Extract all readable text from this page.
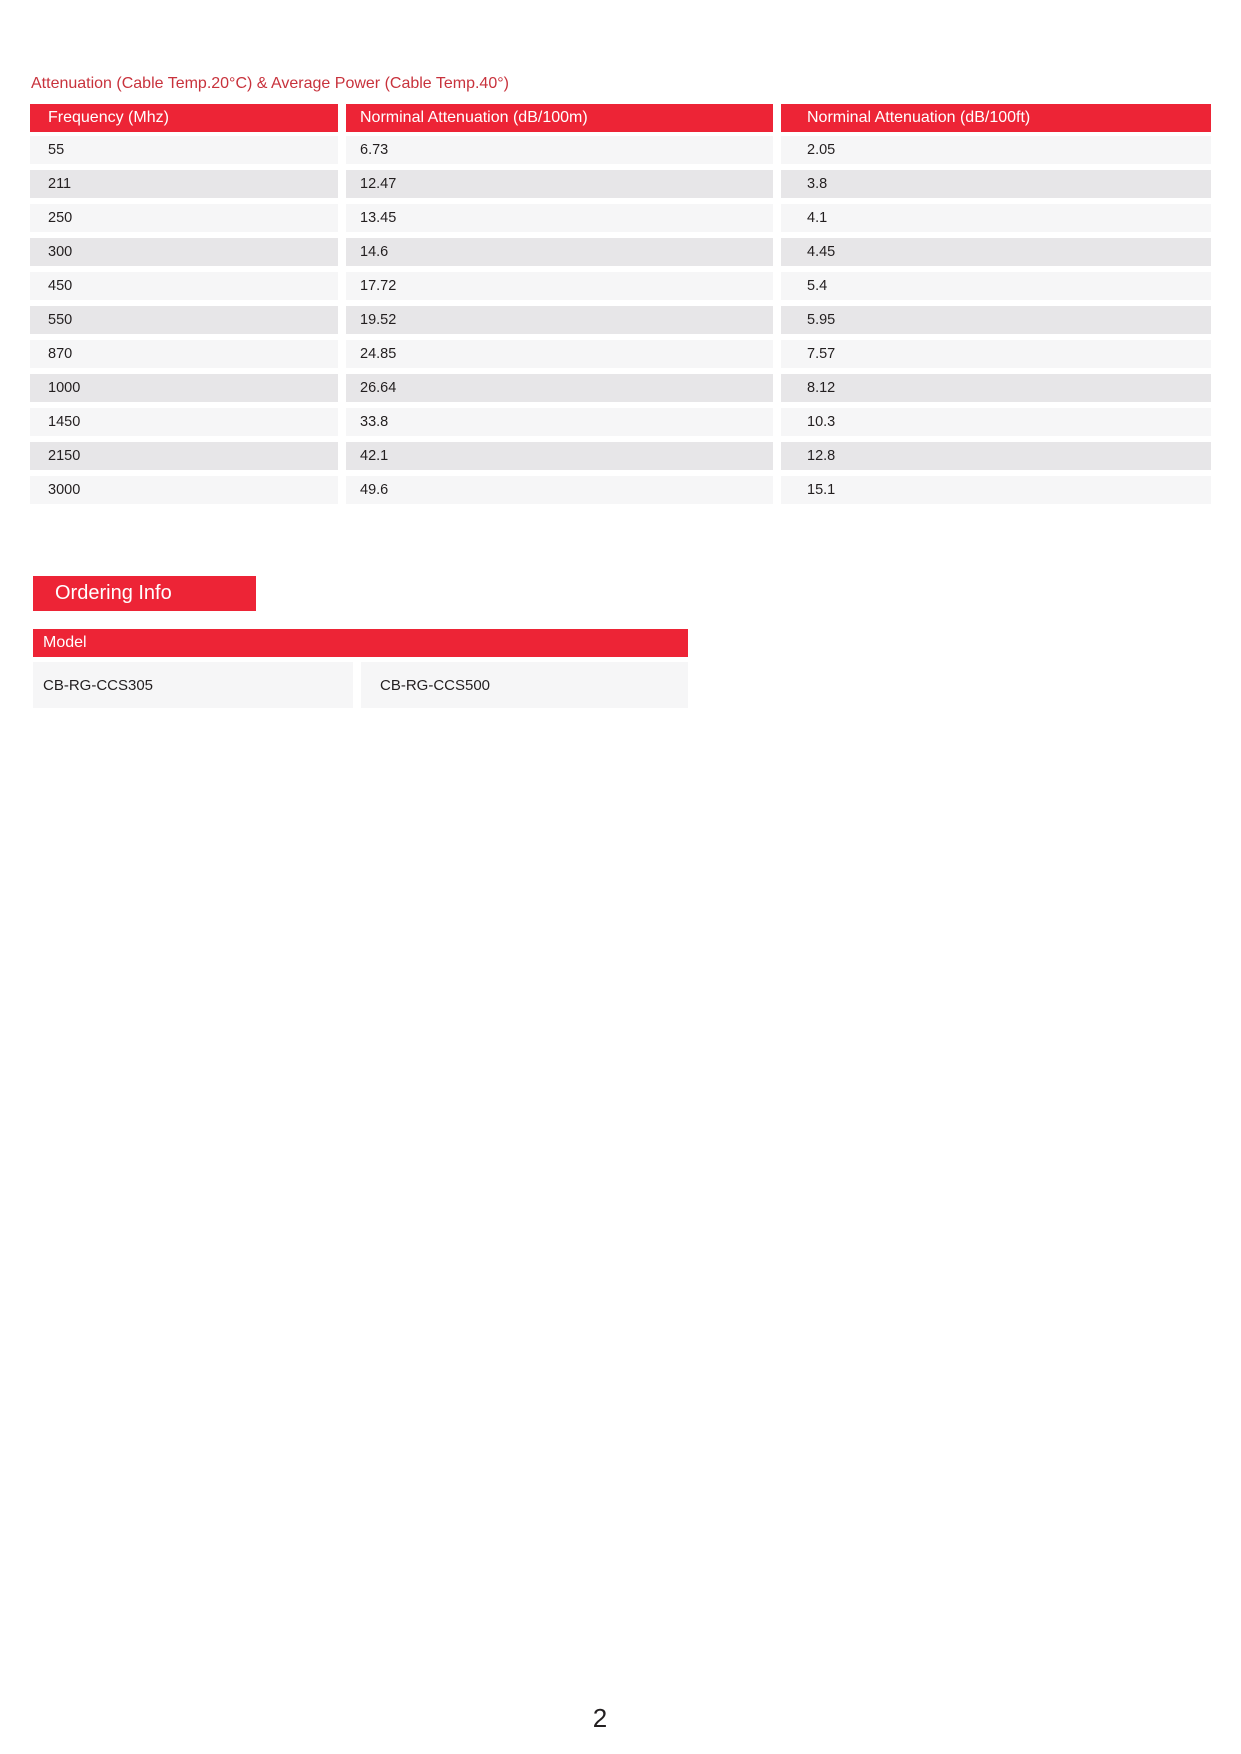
Attenuation (Cable Temp.20°C) & Average Power (Cable Temp.40°)
Frequency (Mhz)	Norminal Attenuation (dB/100m)	Norminal Attenuation (dB/100ft)
55	6.73	2.05
211	12.47	3.8
250	13.45	4.1
300	14.6	4.45
450	17.72	5.4
550	19.52	5.95
870	24.85	7.57
1000	26.64	8.12
1450	33.8	10.3
2150	42.1	12.8
3000	49.6	15.1
Ordering Info
Model
CB-RG-CCS305	CB-RG-CCS500
2
